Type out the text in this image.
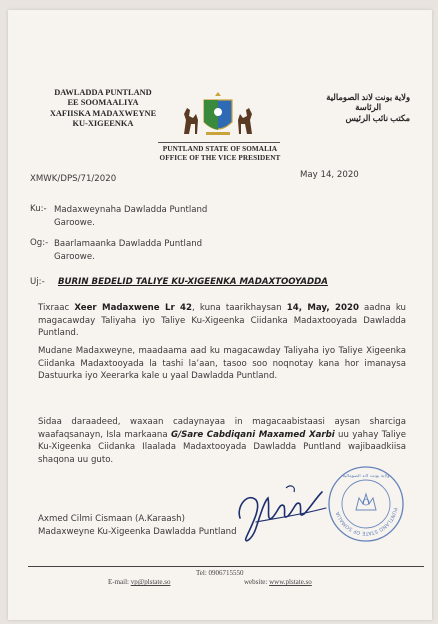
DAWLADDA PUNTLAND
EE SOOMAALIYA
XAFIISKA MADAXWEYNE
KU-XIGEENKA
ولاية بونت لاند الصومالية
الرئاسة
مكتب نائب الرئيس
PUNTLAND STATE OF SOMALIA
OFFICE OF THE VICE PRESIDENT
XMWK/DPS/71/2020	May 14, 2020
Ku:- Madaxweynaha Dawladda Puntland
Garoowe.
Og:- Baarlamaanka Dawladda Puntland
Garoowe.
Uj:- BURIN BEDELID TALIYE KU-XIGEENKA MADAXTOOYADDA
Tixraac Xeer Madaxwene Lr 42, kuna taarikhaysan 14, May, 2020 aadna ku magacawday Taliyaha iyo Taliye Ku-Xigeenka Ciidanka Madaxtooyada Dawladda Puntland.
Mudane Madaxweyne, maadaama aad ku magacawday Taliyaha iyo Taliye Xigeenka Ciidanka Madaxtooyada la tashi la’aan, tasoo soo noqnotay kana hor imanaysa Dastuurka iyo Xeerarka kale u yaal Dawladda Puntland.
Sidaa daraadeed, waxaan cadaynayaa in magacaabistaasi aysan sharciga waafaqsanayn, Isla markaana G/Sare Cabdiqani Maxamed Xarbi uu yahay Taliye Ku-Xigeenka Ciidanka Ilaalada Madaxtooyada Dawladda Puntland wajibaadkiisa shaqona uu guto.
Axmed Cilmi Cismaan (A.Karaash)
Madaxweyne Ku-Xigeenka Dawladda Puntland
PUNTLAND STATE OF SOMALIA
ولاية بونت لاند الصومالية
Tel: 0906715550
E-mail: vp@plstate.so	website: www.plstate.so
